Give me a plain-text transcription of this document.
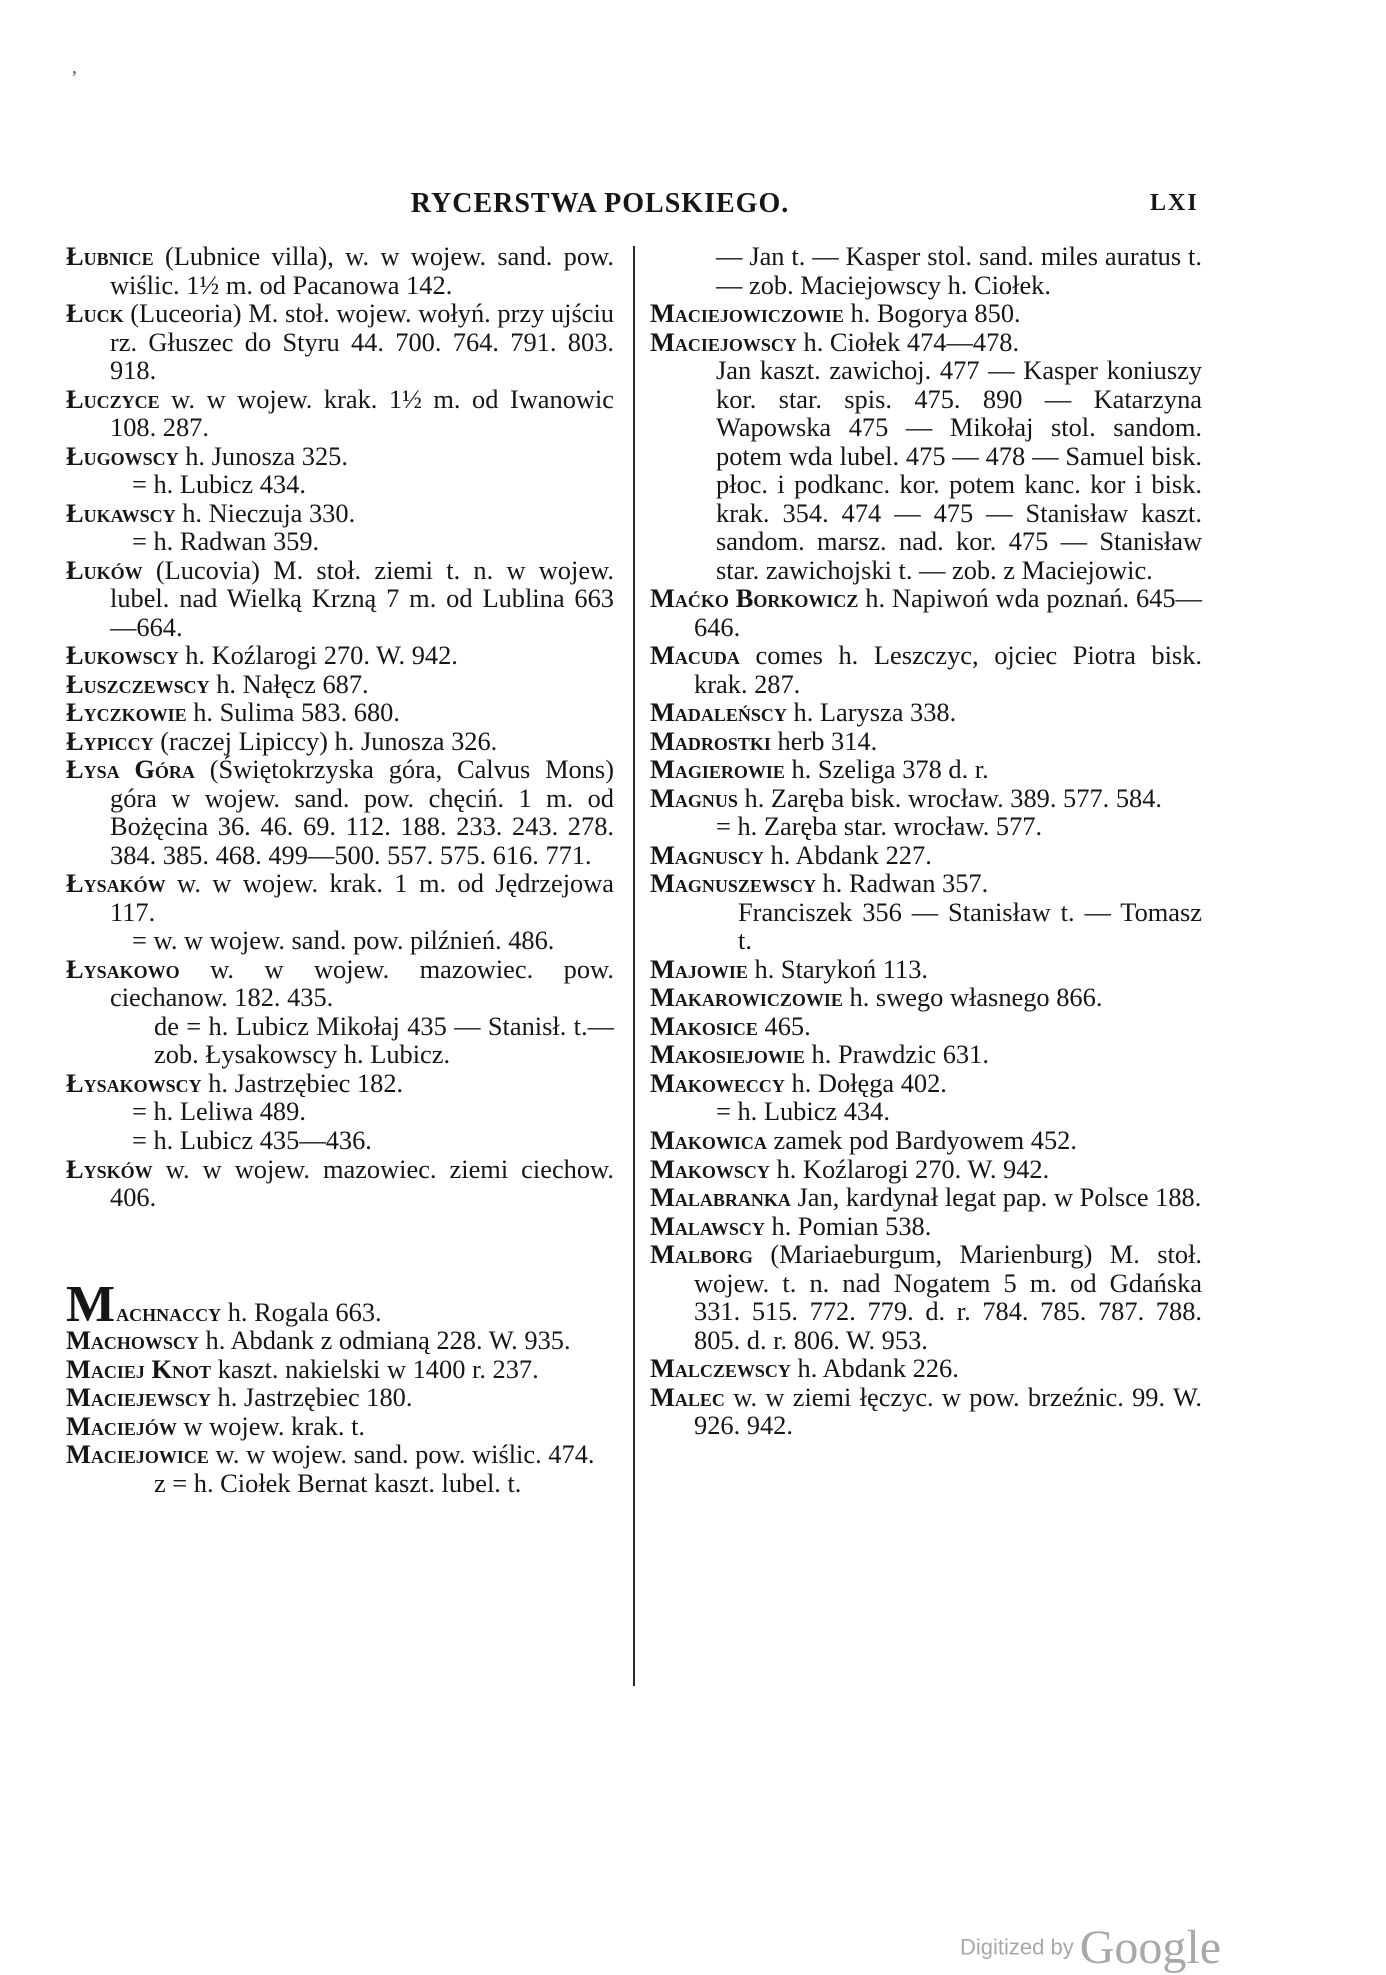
,
RYCERSTWA POLSKIEGO.	LXI

Łubnice (Lubnice villa), w. w wojew. sand. pow. wiślic. 1½ m. od Pacanowa 142.

Łuck (Luceoria) M. stoł. wojew. wołyń. przy ujściu rz. Głuszec do Styru 44. 700. 764. 791. 803. 918.

Łuczyce w. w wojew. krak. 1½ m. od Iwanowic 108. 287.

Ługowscy h. Junosza 325.

= h. Lubicz 434.

Łukawscy h. Nieczuja 330.

= h. Radwan 359.

Łuków (Lucovia) M. stoł. ziemi t. n. w wojew. lubel. nad Wielką Krzną 7 m. od Lublina 663—664.

Łukowscy h. Koźlarogi 270. W. 942.

Łuszczewscy h. Nałęcz 687.

Łyczkowie h. Sulima 583. 680.

Łypiccy (raczej Lipiccy) h. Junosza 326.

Łysa Góra (Świętokrzyska góra, Calvus Mons) góra w wojew. sand. pow. chęciń. 1 m. od Bożęcina 36. 46. 69. 112. 188. 233. 243. 278. 384. 385. 468. 499—500. 557. 575. 616. 771.

Łysaków w. w wojew. krak. 1 m. od Jędrzejowa 117.

= w. w wojew. sand. pow. pilźnień. 486.

Łysakowo w. w wojew. mazowiec. pow. ciechanow. 182. 435.

de = h. Lubicz Mikołaj 435 — Stanisł. t.— zob. Łysakowscy h. Lubicz.

Łysakowscy h. Jastrzębiec 182.

= h. Leliwa 489.

= h. Lubicz 435—436.

Łysków w. w wojew. mazowiec. ziemi ciechow. 406.

Machnaccy h. Rogala 663.

Machowscy h. Abdank z odmianą 228. W. 935.

Maciej Knot kaszt. nakielski w 1400 r. 237.

Maciejewscy h. Jastrzębiec 180.

Maciejów w wojew. krak. t.

Maciejowice w. w wojew. sand. pow. wiślic. 474.

z = h. Ciołek Bernat kaszt. lubel. t.

— Jan t. — Kasper stol. sand. miles auratus t.— zob. Maciejowscy h. Ciołek.

Maciejowiczowie h. Bogorya 850.

Maciejowscy h. Ciołek 474—478.

Jan kaszt. zawichoj. 477 — Kasper koniuszy kor. star. spis. 475. 890 — Katarzyna Wapowska 475 — Mikołaj stol. sandom. potem wda lubel. 475 — 478 — Samuel bisk. płoc. i podkanc. kor. potem kanc. kor i bisk. krak. 354. 474 — 475 — Stanisław kaszt. sandom. marsz. nad. kor. 475 — Stanisław star. zawichojski t. — zob. z Maciejowic.

Maćko Borkowicz h. Napiwoń wda poznań. 645—646.

Macuda comes h. Leszczyc, ojciec Piotra bisk. krak. 287.

Madaleńscy h. Larysza 338.

Madrostki herb 314.

Magierowie h. Szeliga 378 d. r.

Magnus h. Zaręba bisk. wrocław. 389. 577. 584.

= h. Zaręba star. wrocław. 577.

Magnuscy h. Abdank 227.

Magnuszewscy h. Radwan 357.

Franciszek 356 — Stanisław t. — Tomasz t.

Majowie h. Starykoń 113.

Makarowiczowie h. swego własnego 866.

Makosice 465.

Makosiejowie h. Prawdzic 631.

Makoweccy h. Dołęga 402.

= h. Lubicz 434.

Makowica zamek pod Bardyowem 452.

Makowscy h. Koźlarogi 270. W. 942.

Malabranka Jan, kardynał legat pap. w Polsce 188.

Malawscy h. Pomian 538.

Malborg (Mariaeburgum, Marienburg) M. stoł. wojew. t. n. nad Nogatem 5 m. od Gdańska 331. 515. 772. 779. d. r. 784. 785. 787. 788. 805. d. r. 806. W. 953.

Malczewscy h. Abdank 226.

Malec w. w ziemi łęczyc. w pow. brzeźnic. 99. W. 926. 942.

Digitized by Google
